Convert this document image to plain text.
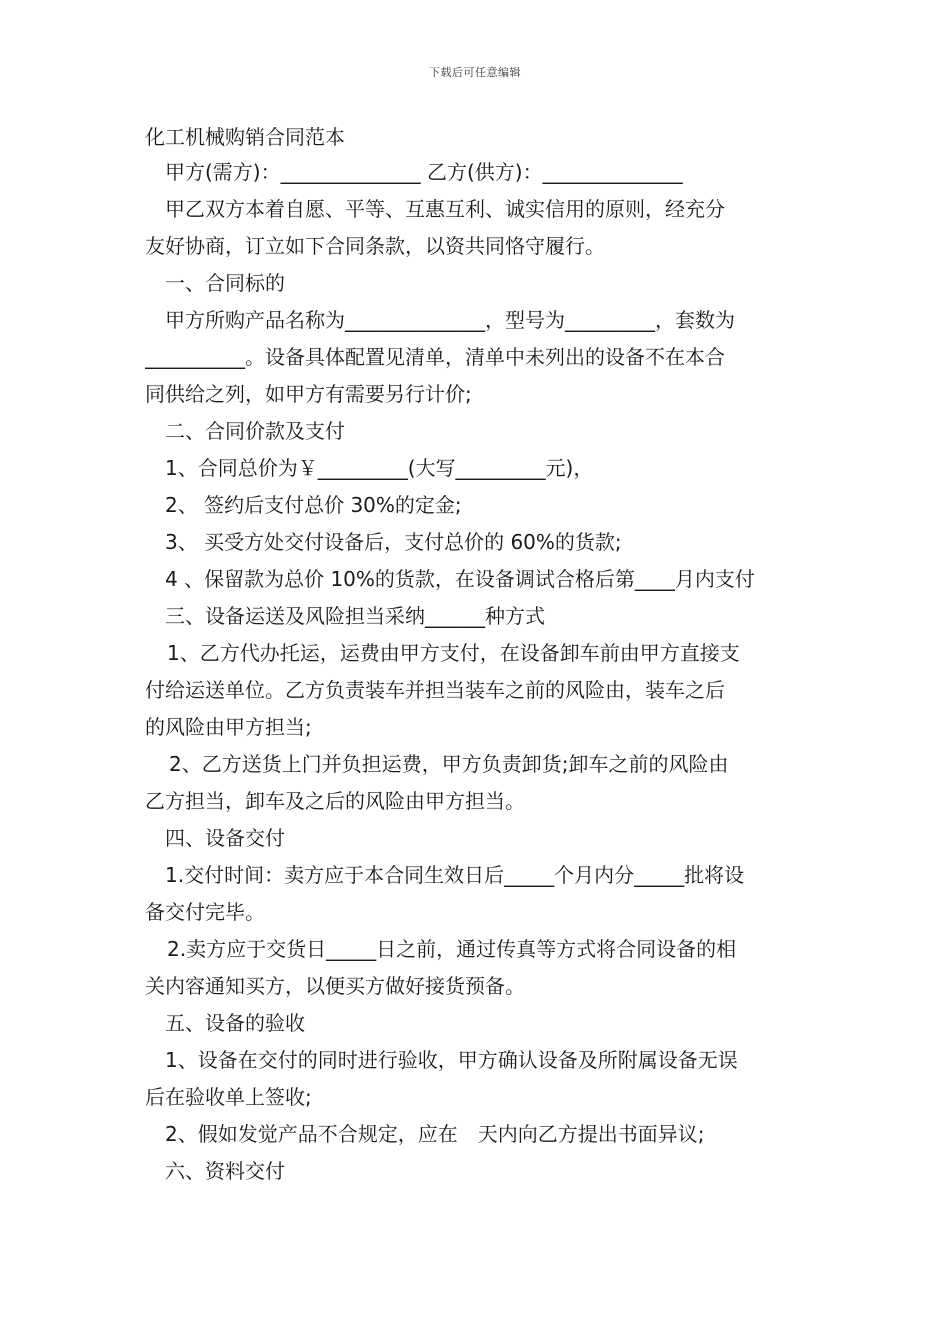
下载后可任意编辑
化工机械购销合同范本
甲方(需方)：______________ 乙方(供方)：______________
甲乙双方本着自愿、平等、互惠互利、诚实信用的原则，经充分
友好协商，订立如下合同条款，以资共同恪守履行。
一、合同标的
甲方所购产品名称为______________，型号为_________，套数为
__________。设备具体配置见清单，清单中未列出的设备不在本合
同供给之列，如甲方有需要另行计价;
二、合同价款及支付
1、合同总价为￥_________(大写_________元)，
2、 签约后支付总价 30%的定金;
3、 买受方处交付设备后，支付总价的 60%的货款;
4 、保留款为总价 10%的货款，在设备调试合格后第____月内支付
三、设备运送及风险担当采纳______种方式
1、乙方代办托运，运费由甲方支付，在设备卸车前由甲方直接支
付给运送单位。乙方负责装车并担当装车之前的风险由，装车之后
的风险由甲方担当;
2、乙方送货上门并负担运费，甲方负责卸货;卸车之前的风险由
乙方担当，卸车及之后的风险由甲方担当。
四、设备交付
1.交付时间：卖方应于本合同生效日后_____个月内分_____批将设
备交付完毕。
2.卖方应于交货日_____日之前，通过传真等方式将合同设备的相
关内容通知买方，以便买方做好接货预备。
五、设备的验收
1、设备在交付的同时进行验收，甲方确认设备及所附属设备无误
后在验收单上签收;
2、假如发觉产品不合规定，应在　天内向乙方提出书面异议;
六、资料交付
